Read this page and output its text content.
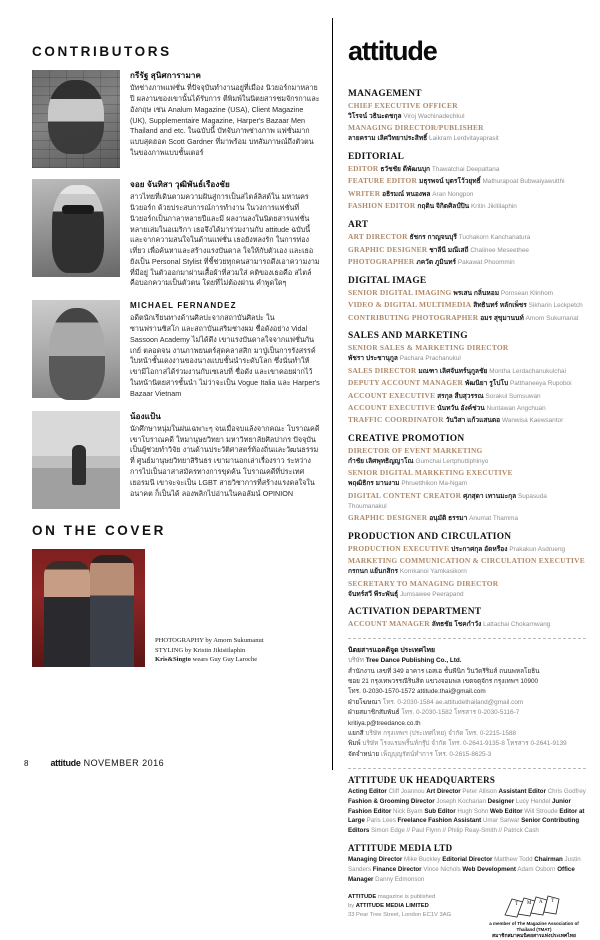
CONTRIBUTORS
กรีรัฐ สุนิศการามาค
บัทช่างภาพแฟชั่น ที่ปัจจุบันทำงานอยู่ที่เมือง นิวยอร์กมาหลายปี ผลงานของเขานั้นได้รับการ ตีพิมพ์ในนิตยสารชมจักรกาและอังกฤษ เช่น Analum Magazine (USA), Client Magazine (UK), Supplementaire Magazine, Harper's Bazaar Men Thailand and etc. ในฉบับนี้ บัทจับภาพช่างภาพ แฟชั่นมากแบบสุดฮอต Scott Gardner ที่มาพร้อม บทสัมภาษณ์ถึงตัวตนในของภาพแบบชั้นเตอร์
จอย จันทิสา วุฒิพันธ์เรืองชัย
สาวไทยที่เดินตามความฝันสู่การเป็นสไตล์ลิสต์ใน มหานครนิวยอร์ก ด้วยประสบการณ์การทำงาน ในวงการแฟชั่นที่นิวยอร์กเป็นกาลาหลายปีและมี ผลงานลงในนิตยสารแฟชั่นหลายเล่มในอเมริกา เธอจึงได้มาร่วมงานกับ attitude ฉบับนี้ และจากความสนใจในด้านแฟชั่น เธอยังหลงรัก ในการท่องเที่ยว เพื่อค้นหาและสร้างแรงบันดาล ใจให้กับตัวเอง และเธอยังเป็น Personal Stylist ที่ชี้ช่วยทุกคนสามารถดึงเอาความงามที่มีอยู่ ในตัวออกมาผ่านเสื้อผ้าที่สวมใส่ คติของเธอคือ สไตล์คือบอกความเป็นตัวตน โดยที่ไม่ต้องผ่าน คำพูดใดๆ
MICHAEL FERNANDEZ
อดีตนักเรียนทางด้านศิลปะจากสถาบันศิลปะ ในซานฟรานซิสโก และสถาบันเสริมช่างผม ชื่อดังอย่าง Vidal Sassoon Academy ไม่ได้ดึง เขาแรงบันดาลใจจากแฟชั่นกันเกย์ ตลอดจน งานภาพยนตร์สุดคลาสสิก มาปู่เป็นการรังสรรค์ ใบหน้าชั้นเดงงานของนางแบบชั้นนำระดับโลก ซึ่งนั่นทำให้เขามีโอกาสได้ร่วมงานกับเซเลบที่ ชื่อดัง และเขาคอยฝากไว้ในหน้านิตยสารชั้นนำ ไม่ว่าจะเป็น Vogue Italia และ Harper's Bazaar Vietnam
น้องแป้น
นักศึกษาหนุ่มในฝนเฉพาะๆ จนเมื่อจบแล้งจากคณะ โบราณคดี เขาโบราณคดี ใหมานุษยวิทยา มหาวิทยาลัยศิลปากร ปัจจุบันเป็นผู้ช่วยทำวิจัย งานด้านประวัติศาสตร์ท้องถิ่นและวัฒนธรรมที่ ศูนย์มานุษยวิทยาสิรินธร เขามานอกเล่าเรื่องราว ระหว่างการไปเป็นอาสาสมัครทางการขุดค้น โบราณคดีที่ประเทศเยอรมนี เขาจะจะเป็น LGBT สายวิชาการที่สร้างแรงดลใจในอนาคต ก็เป็นได้ ลองพลิกไปอ่านในคอลัมน์ OPINION
ON THE COVER
PHOTOGRAPHY by Amorn Sukumanut
STYLING by Kristin Jikistilaphin
Kris&Singto wears Guy Guy Laroche
8 attitude NOVEMBER 2016
attitude
MANAGEMENT
CHIEF EXECUTIVE OFFICER
วิโรจน์ วธินะดชกุล Viroj Wachinadechkul
MANAGING DIRECTOR/PUBLISHER
ลายคราม เลิศวิทยาประสิทธิ์ Laikram Lerdvitayaprasit
EDITORIAL
EDITOR ธวัชชัย ดีพัฒนบุก Thawatchai Deepattana
FEATURE EDITOR มธุรพจน์ บุตรโว้วยุทธิ์ Mathurapoat Bubwaiyawutthi
WRITER อธิรมณ์ หนองพล Aran Nongpon
FASHION EDITOR กฤติน จิกิตศิลป์ปิน Kritin Jikitilaphin
ART
ART DIRECTOR ธัชกร กาญจนบุรี Tuchakorn Kanchanatura
GRAPHIC DESIGNER ชาลีนี มณีเสถี Chalinee Meseethee
PHOTOGRAPHER ภควัต ภูมินทร์ Pakawat Phoommin
DIGITAL IMAGE
SENIOR DIGITAL IMAGING พรเสน กลิ่นหอม Pornsean Klinhom
VIDEO & DIGITAL MULTIMEDIA สิทธินทร์ หลักเพ็ชร Sikharin Leckpetch
CONTRIBUTING PHOTOGRAPHER อมร สุขุมานนท์ Amorn Sukumanat
SALES AND MARKETING
SENIOR SALES & MARKETING DIRECTOR
พัชรา ประชานุกูล Pachara Prachanukul
SALES DIRECTOR มณฑา เลิศจันทร์นุกูลชัย Montha Lerdachanukulchai
DEPUTY ACCOUNT MANAGER พัฒนิยา รูโปโบ Patthaneeya Rupoboi
ACCOUNT EXECUTIVE สรกุล สืบสุวรรณ Sorakul Sumsuwan
ACCOUNT EXECUTIVE นันทวัน อังค์ช่วน Nuntawan Angchuan
TRAFFIC COORDINATOR วันวิสา แก้วแสนตอ Wanwisa Kaewsantor
CREATIVE PROMOTION
DIRECTOR OF EVENT MARKETING
กำชัย เลิศพุทธิญญาโณ Gumchai Lertphuttiphinyo
SENIOR DIGITAL MARKETING EXECUTIVE
พฤฒิธิกร มานงาม Phruetthikon Ma-Ngam
DIGITAL CONTENT CREATOR ศุภสุดา เทานมะกุล Supasuda Thoumanakul
GRAPHIC DESIGNER อนุมัติ ธรรมา Anumat Thamma
PRODUCTION AND CIRCULATION
PRODUCTION EXECUTIVE ประกาศกุล อัดหรือง Prakakun Asdrueng
MARKETING COMMUNICATION & CIRCULATION EXECUTIVE
กรกนก แย้นกสิกร Kornkanoi Yamkasikorn
SECRETARY TO MANAGING DIRECTOR
จันทร์สวี พีระพันธุ์ Jumsawee Peerapand
ACTIVATION DEPARTMENT
ACCOUNT MANAGER ลัทธชัย โชคกำวัง Lattachai Chokarnwang
นิตยสารแอคติจูด ประเทศไทย
บริษัท Tree Dance Publishing Co., Ltd.
สำนักงาน เลขที่ 349 อาคาร เอสเอ ชั้นพีนิก วินวัดรีริมส์ ถนนพหลโยธิน
ซอย 21 กรุงเทพวรรณีรินสิต แขวงจอมพล เขตจตุจักร กรุงเทพฯ 10900
โทร. 0-2030-1570-1572 attitude.thai@gmail.com
ฝ่ายโฆษณา โทร. 0-2030-1584 ae.attitudethailand@gmail.com
ฝ่ายสมาชิกสัมพันธ์ โทร. 0-2030-1582 โทรสาร 0-2030-5116-7
kritiya.p@treedance.co.th
แยกสี บริษัท กรุงเทพฯ (ประเทศไทย) จำกัด โทร. 0-2215-1588
พิมพ์ บริษัท โรงแรมพริ้นท์กรุ๊ป จำกัด โทร. 0-2641-9135-8 โทรสาร 0-2641-9139
จัดจำหน่าย เพ็ญบุญรัตน์ทำการ โทร. 0-2615-8625-3
ATTITUDE UK HEADQUARTERS
Acting Editor Cliff Joannou Art Director Peter Allison Assistant Editor Chris Godfrey Fashion & Grooming Director Joseph Kocharian Designer Lucy Hendel Junior Fashion Editor Nick Byam Sub Editor Hugh Sohn Web Editor Will Stroude Editor at Large Paris Lees Freelance Fashion Assistant Umar Sarwar Senior Contributing Editors Simon Edge // Paul Flynn // Philip Reay-Smith // Patrick Cash
ATTITUDE MEDIA LTD
Managing Director Mike Buckley Editorial Director Matthew Todd Chairman Justin Sanders Finance Director Vince Nichols Web Development Adam Osborn Office Manager Danny Edmonson
ATTITUDE magazine is published
by ATTITUDE MEDIA LIMITED
33 Pear Tree Street, London EC1V 3AG
T M A T
a member of The Magazine Association of Thailand (TMAT)
สมาชิกสมาคมนิตยสารแห่งประเทศไทย
